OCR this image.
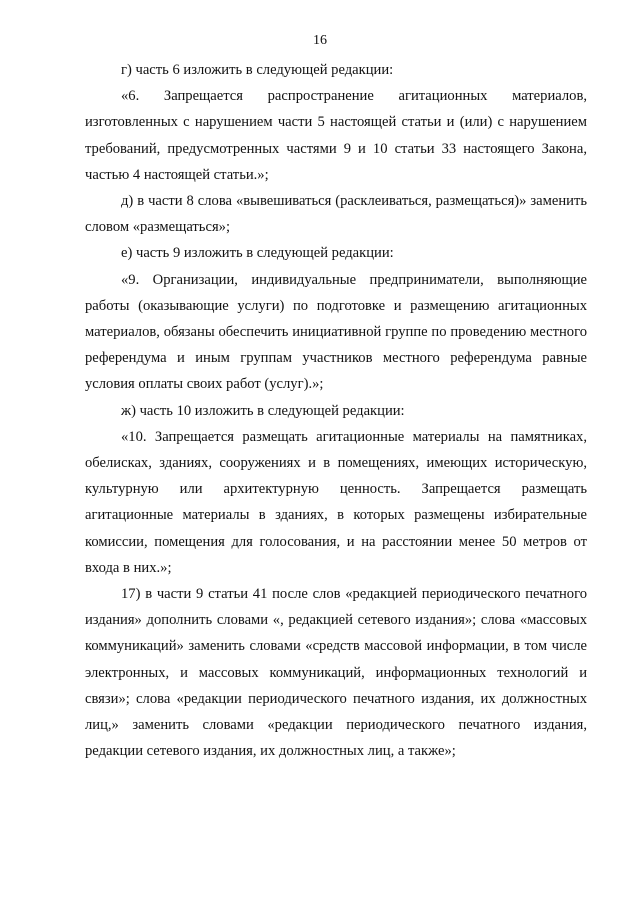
16

г) часть 6 изложить в следующей редакции:

«6. Запрещается распространение агитационных материалов, изготовленных с нарушением части 5 настоящей статьи и (или) с нарушением требований, предусмотренных частями 9 и 10 статьи 33 настоящего Закона, частью 4 настоящей статьи.»;

д) в части 8 слова «вывешиваться (расклеиваться, размещаться)» заменить словом «размещаться»;

е) часть 9 изложить в следующей редакции:

«9. Организации, индивидуальные предприниматели, выполняющие работы (оказывающие услуги) по подготовке и размещению агитационных материалов, обязаны обеспечить инициативной группе по проведению местного референдума и иным группам участников местного референдума равные условия оплаты своих работ (услуг).»;

ж) часть 10 изложить в следующей редакции:

«10. Запрещается размещать агитационные материалы на памятниках, обелисках, зданиях, сооружениях и в помещениях, имеющих историческую, культурную или архитектурную ценность. Запрещается размещать агитационные материалы в зданиях, в которых размещены избирательные комиссии, помещения для голосования, и на расстоянии менее 50 метров от входа в них.»;

17) в части 9 статьи 41 после слов «редакцией периодического печатного издания» дополнить словами «, редакцией сетевого издания»; слова «массовых коммуникаций» заменить словами «средств массовой информации, в том числе электронных, и массовых коммуникаций, информационных технологий и связи»; слова «редакции периодического печатного издания, их должностных лиц,» заменить словами «редакции периодического печатного издания, редакции сетевого издания, их должностных лиц, а также»;
